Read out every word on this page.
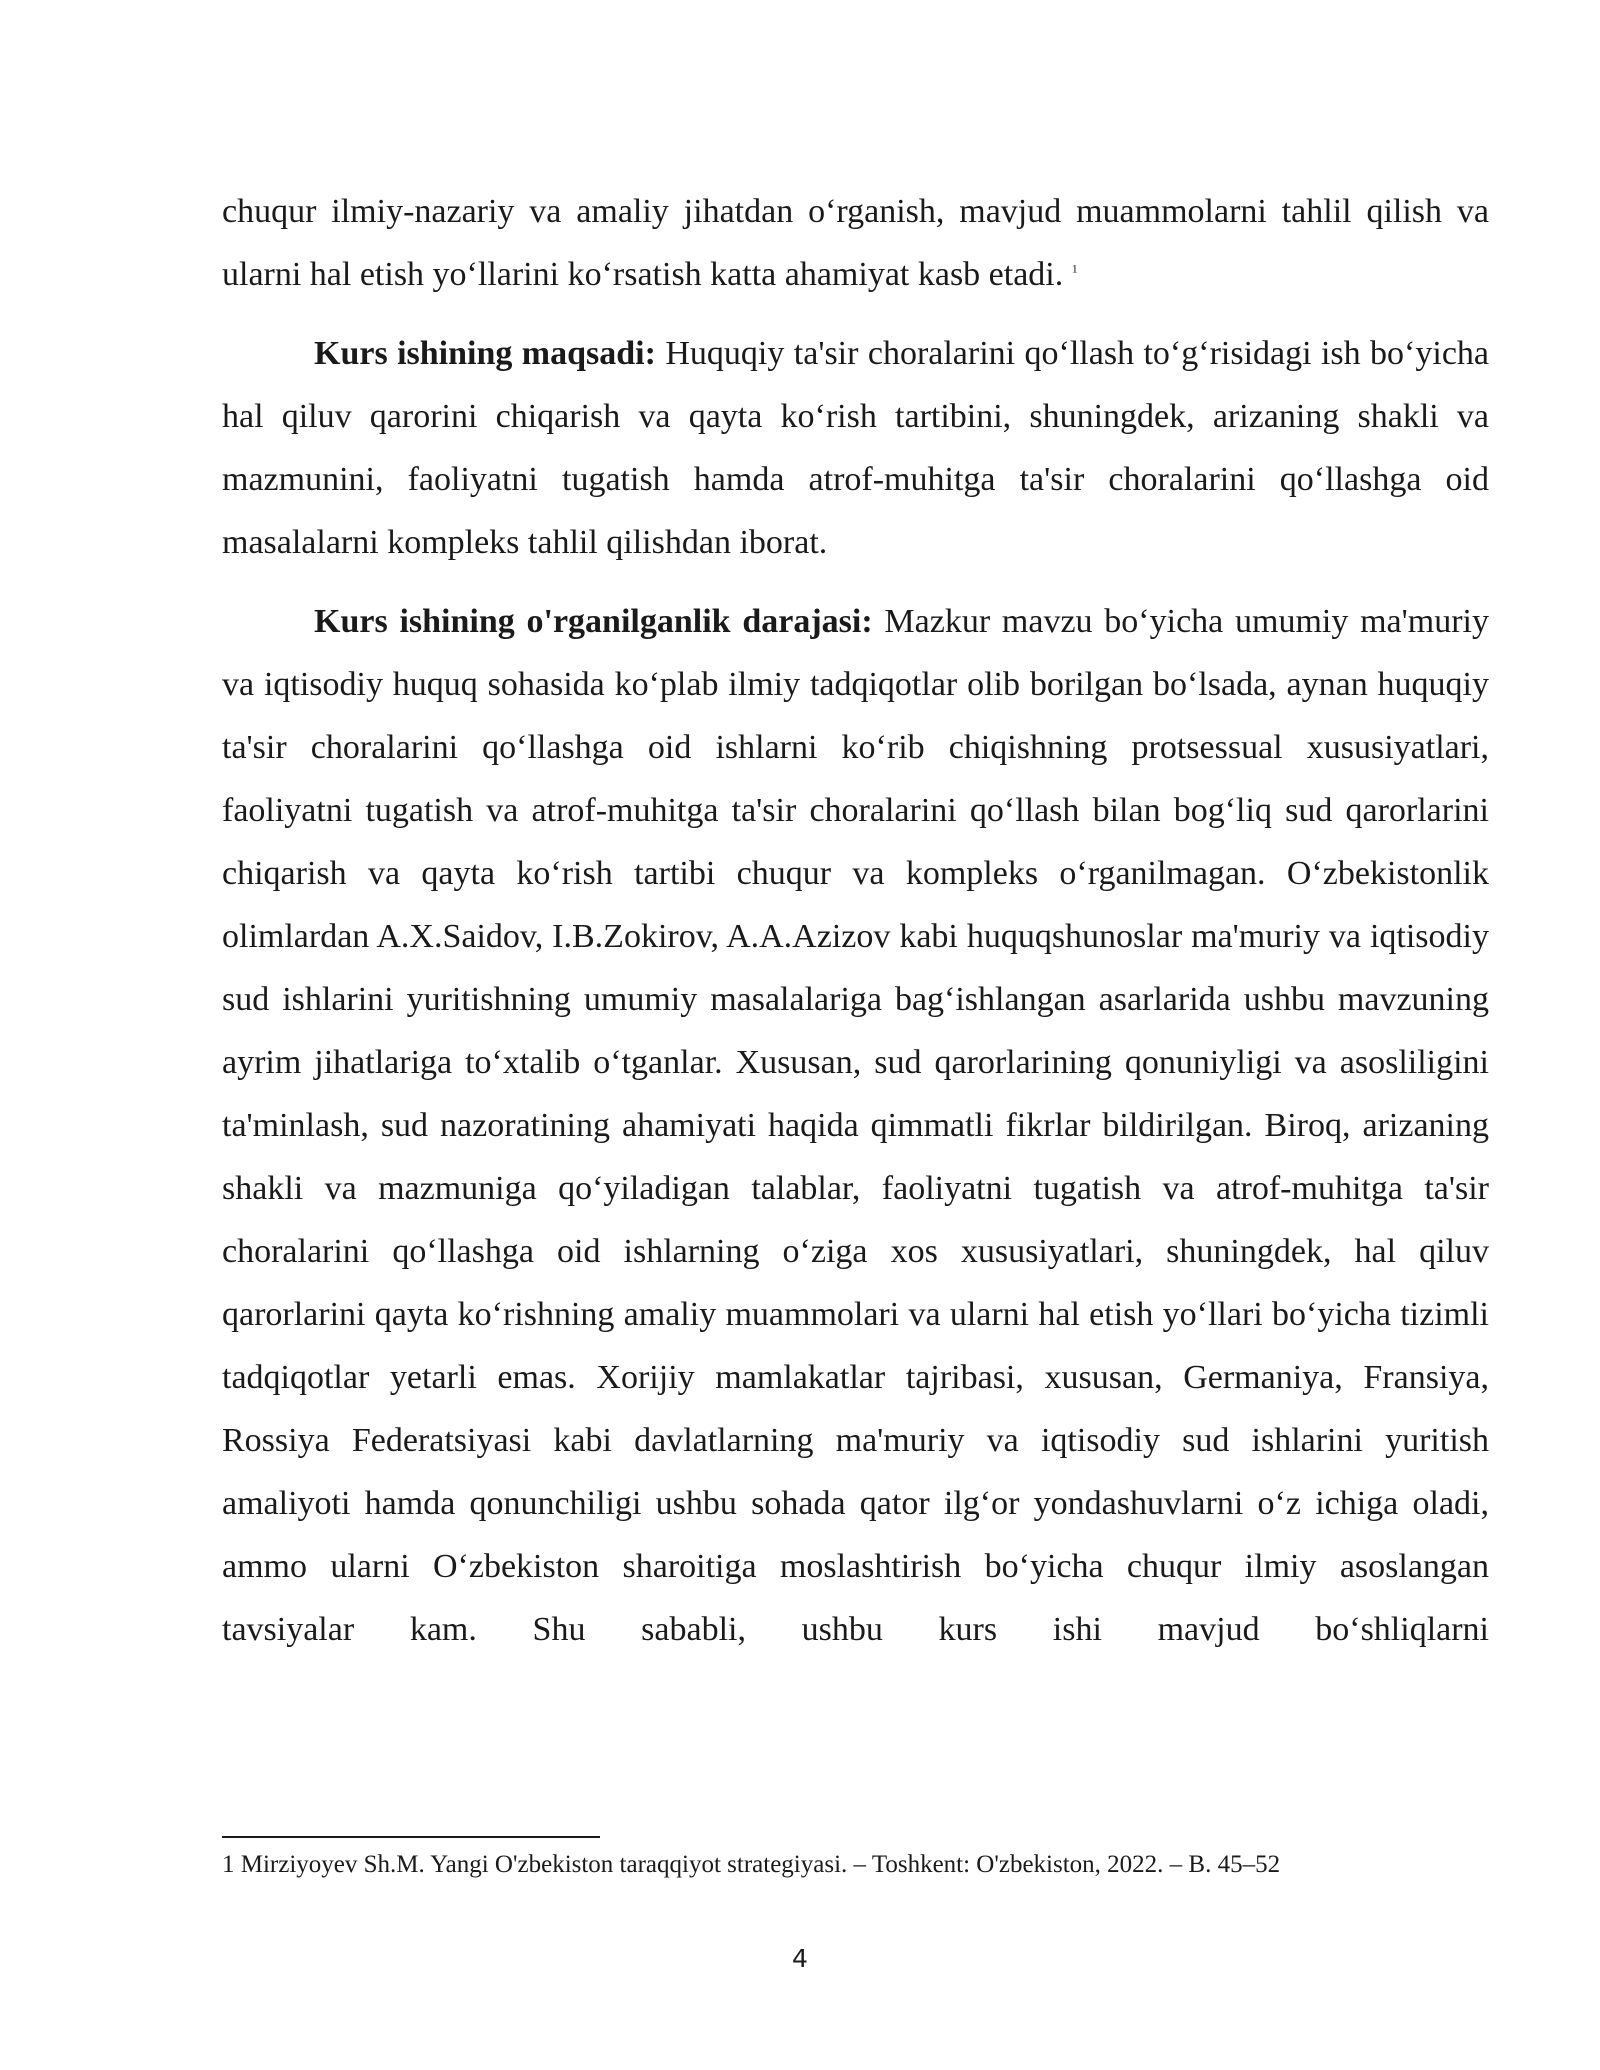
chuqur ilmiy-nazariy va amaliy jihatdan oʻrganish, mavjud muammolarni tahlil qilish va ularni hal etish yoʻllarini koʻrsatish katta ahamiyat kasb etadi. $^1$

Kurs ishining maqsadi: Huquqiy ta'sir choralarini qoʻllash toʻgʻrisidagi ish boʻyicha hal qiluv qarorini chiqarish va qayta koʻrish tartibini, shuningdek, arizaning shakli va mazmunini, faoliyatni tugatish hamda atrof-muhitga ta'sir choralarini qoʻllashga oid masalalarni kompleks tahlil qilishdan iborat.

Kurs ishining o'rganilganlik darajasi: Mazkur mavzu boʻyicha umumiy ma'muriy va iqtisodiy huquq sohasida koʻplab ilmiy tadqiqotlar olib borilgan boʻlsada, aynan huquqiy ta'sir choralarini qoʻllashga oid ishlarni koʻrib chiqishning protsessual xususiyatlari, faoliyatni tugatish va atrof-muhitga ta'sir choralarini qoʻllash bilan bogʻliq sud qarorlarini chiqarish va qayta koʻrish tartibi chuqur va kompleks oʻrganilmagan. Oʻzbekistonlik olimlardan A.X.Saidov, I.B.Zokirov, A.A.Azizov kabi huquqshunoslar ma'muriy va iqtisodiy sud ishlarini yuritishning umumiy masalalariga bagʻishlangan asarlarida ushbu mavzuning ayrim jihatlariga toʻxtalib oʻtganlar. Xususan, sud qarorlarining qonuniyligi va asosliligini ta'minlash, sud nazoratining ahamiyati haqida qimmatli fikrlar bildirilgan. Biroq, arizaning shakli va mazmuniga qoʻyiladigan talablar, faoliyatni tugatish va atrof-muhitga ta'sir choralarini qoʻllashga oid ishlarning oʻziga xos xususiyatlari, shuningdek, hal qiluv qarorlarini qayta koʻrishning amaliy muammolari va ularni hal etish yoʻllari boʻyicha tizimli tadqiqotlar yetarli emas. Xorijiy mamlakatlar tajribasi, xususan, Germaniya, Fransiya, Rossiya Federatsiyasi kabi davlatlarning ma'muriy va iqtisodiy sud ishlarini yuritish amaliyoti hamda qonunchiligi ushbu sohada qator ilgʻor yondashuvlarni oʻz ichiga oladi, ammo ularni Oʻzbekiston sharoitiga moslashtirish boʻyicha chuqur ilmiy asoslangan tavsiyalar kam. Shu sababli, ushbu kurs ishi mavjud boʻshliqlarni

1 Mirziyoyev Sh.M. Yangi O'zbekiston taraqqiyot strategiyasi. – Toshkent: O'zbekiston, 2022. – B. 45–52

4
